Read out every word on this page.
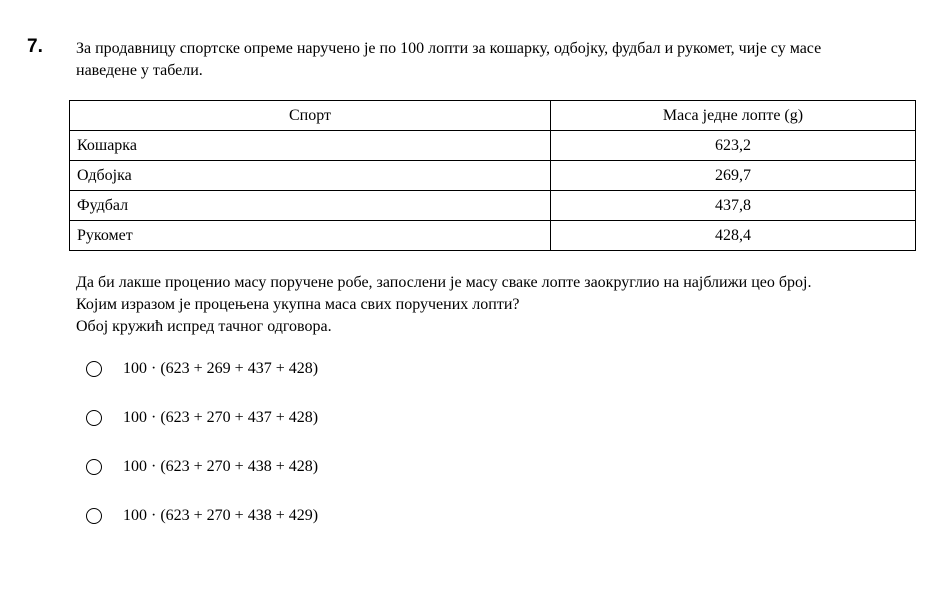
7. За продавницу спортске опреме наручено је по 100 лопти за кошарку, одбојку, фудбал и рукомет, чије су масе

наведене у табели.

Спорт	Маса једне лопте (g)
Кошарка	623,2
Одбојка	269,7
Фудбал	437,8
Рукомет	428,4

Да би лакше проценио масу поручене робе, запослени је масу сваке лопте заокруглио на најближи цео број.

Којим изразом је процењена укупна маса свих поручених лопти?

Обој кружић испред тачног одговора.

100 · (623 + 269 + 437 + 428)
100 · (623 + 270 + 437 + 428)
100 · (623 + 270 + 438 + 428)
100 · (623 + 270 + 438 + 429)
